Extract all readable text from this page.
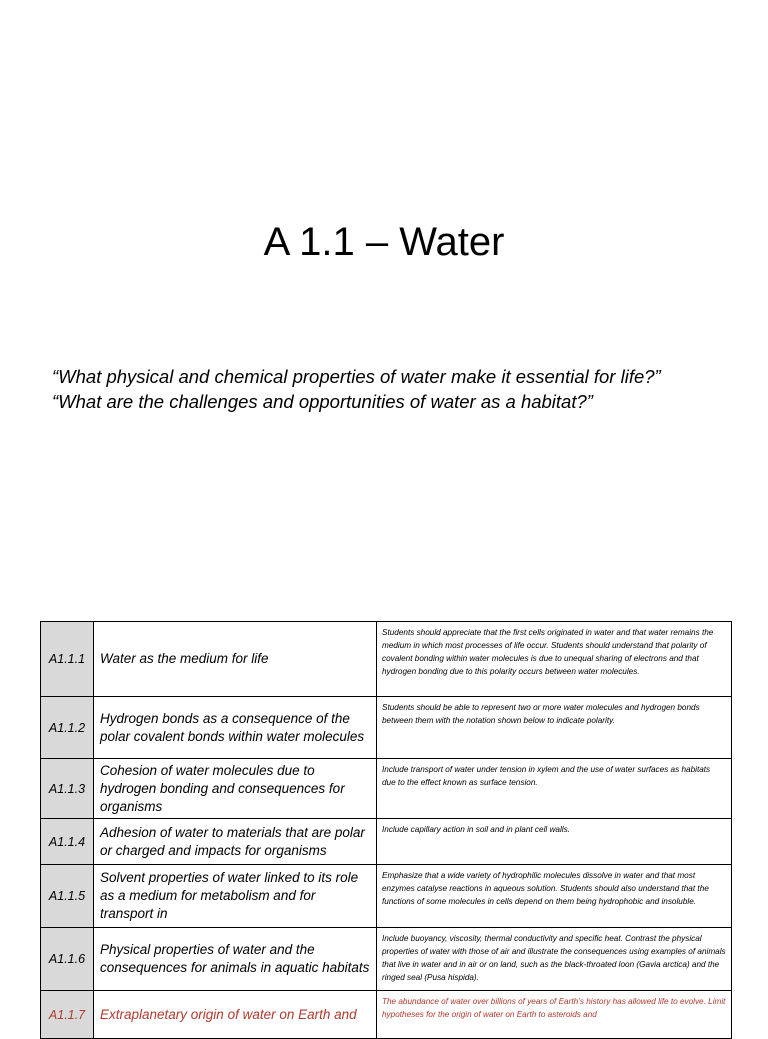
A 1.1 – Water
“What physical and chemical properties of water make it essential for life?”
“What are the challenges and opportunities of water as a habitat?”
A1.1.1	Water as the medium for life	Students should appreciate that the first cells originated in water and that water remains the medium in which most processes of life occur. Students should understand that polarity of covalent bonding within water molecules is due to unequal sharing of electrons and that hydrogen bonding due to this polarity occurs between water molecules.
A1.1.2	Hydrogen bonds as a consequence of the polar covalent bonds within water molecules	Students should be able to represent two or more water molecules and hydrogen bonds between them with the notation shown below to indicate polarity.
A1.1.3	Cohesion of water molecules due to hydrogen bonding and consequences for organisms	Include transport of water under tension in xylem and the use of water surfaces as habitats due to the effect known as surface tension.
A1.1.4	Adhesion of water to materials that are polar or charged and impacts for organisms	Include capillary action in soil and in plant cell walls.
A1.1.5	Solvent properties of water linked to its role as a medium for metabolism and for transport in	Emphasize that a wide variety of hydrophilic molecules dissolve in water and that most enzymes catalyse reactions in aqueous solution. Students should also understand that the functions of some molecules in cells depend on them being hydrophobic and insoluble.
A1.1.6	Physical properties of water and the consequences for animals in aquatic habitats	Include buoyancy, viscosity, thermal conductivity and specific heat. Contrast the physical properties of water with those of air and illustrate the consequences using examples of animals that live in water and in air or on land, such as the black-throated loon (Gavia arctica) and the ringed seal (Pusa hispida).
A1.1.7	Extraplanetary origin of water on Earth and	The abundance of water over billions of years of Earth’s history has allowed life to evolve. Limit hypotheses for the origin of water on Earth to asteroids and
